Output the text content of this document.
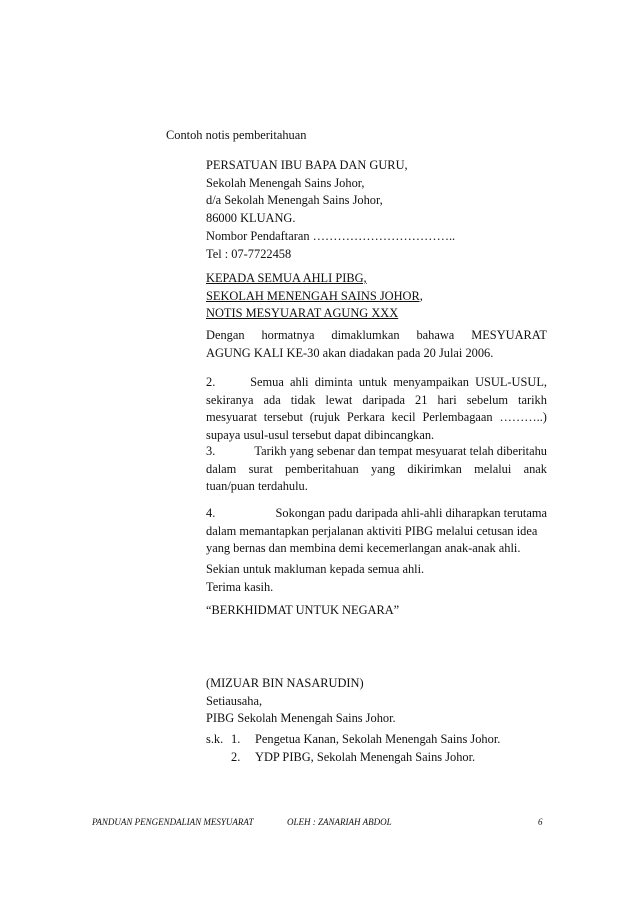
Contoh notis pemberitahuan
PERSATUAN IBU BAPA DAN GURU,
Sekolah Menengah Sains Johor,
d/a Sekolah Menengah Sains Johor,
86000 KLUANG.
Nombor Pendaftaran ……………………………..
Tel : 07-7722458
KEPADA SEMUA AHLI PIBG,
SEKOLAH MENENGAH SAINS JOHOR,
NOTIS MESYUARAT AGUNG XXX
Dengan hormatnya dimaklumkan bahawa MESYUARAT
AGUNG KALI KE-30 akan diadakan pada 20 Julai 2006.
2.	Semua ahli diminta untuk menyampaikan USUL-USUL,
sekiranya ada tidak lewat daripada 21 hari sebelum tarikh
mesyuarat tersebut (rujuk Perkara kecil Perlembagaan ………..)
supaya usul-usul tersebut dapat dibincangkan.
3.	Tarikh yang sebenar dan tempat mesyuarat telah diberitahu
dalam surat pemberitahuan yang dikirimkan melalui anak
tuan/puan terdahulu.
4.	Sokongan padu daripada ahli-ahli diharapkan terutama
dalam memantapkan perjalanan aktiviti PIBG melalui cetusan idea
yang bernas dan membina demi kecemerlangan anak-anak ahli.
Sekian untuk makluman kepada semua ahli.
Terima kasih.
“BERKHIDMAT UNTUK NEGARA”
(MIZUAR BIN NASARUDIN)
Setiausaha,
PIBG Sekolah Menengah Sains Johor.
s.k. 1.	Pengetua Kanan, Sekolah Menengah Sains Johor.
2.	YDP PIBG, Sekolah Menengah Sains Johor.
PANDUAN PENGENDALIAN MESYUARAT	OLEH : ZANARIAH ABDOL	6
